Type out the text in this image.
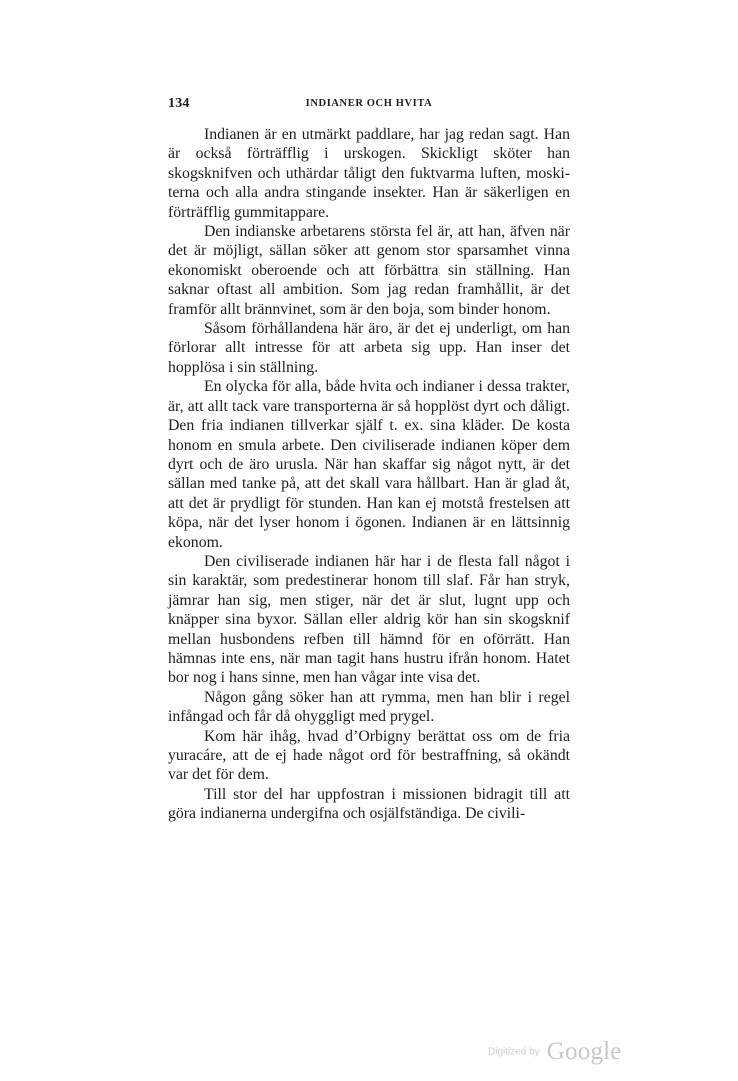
134	INDIANER OCH HVITA

Indianen är en utmärkt paddlare, har jag redan sagt. Han är också förträfflig i urskogen. Skickligt sköter han skogsknifven och uthärdar tåligt den fuktvarma luften, moskiterna och alla andra stingande insekter. Han är säkerligen en förträfflig gummitappare.

Den indianske arbetarens största fel är, att han, äfven när det är möjligt, sällan söker att genom stor sparsamhet vinna ekonomiskt oberoende och att förbättra sin ställning. Han saknar oftast all ambition. Som jag redan framhållit, är det framför allt brännvinet, som är den boja, som binder honom.

Såsom förhållandena här äro, är det ej underligt, om han förlorar allt intresse för att arbeta sig upp. Han inser det hopplösa i sin ställning.

En olycka för alla, både hvita och indianer i dessa trakter, är, att allt tack vare transporterna är så hopplöst dyrt och dåligt. Den fria indianen tillverkar själf t. ex. sina kläder. De kosta honom en smula arbete. Den civiliserade indianen köper dem dyrt och de äro urusla. När han skaffar sig något nytt, är det sällan med tanke på, att det skall vara hållbart. Han är glad åt, att det är prydligt för stunden. Han kan ej motstå frestelsen att köpa, när det lyser honom i ögonen. Indianen är en lättsinnig ekonom.

Den civiliserade indianen här har i de flesta fall något i sin karaktär, som predestinerar honom till slaf. Får han stryk, jämrar han sig, men stiger, när det är slut, lugnt upp och knäpper sina byxor. Sällan eller aldrig kör han sin skogsknif mellan husbondens refben till hämnd för en oförrätt. Han hämnas inte ens, när man tagit hans hustru ifrån honom. Hatet bor nog i hans sinne, men han vågar inte visa det.

Någon gång söker han att rymma, men han blir i regel infångad och får då ohyggligt med prygel.

Kom här ihåg, hvad d’Orbigny berättat oss om de fria yuracáre, att de ej hade något ord för bestraffning, så okändt var det för dem.

Till stor del har uppfostran i missionen bidragit till att göra indianerna undergifna och osjälfständiga. De civili-

Digitized by Google
